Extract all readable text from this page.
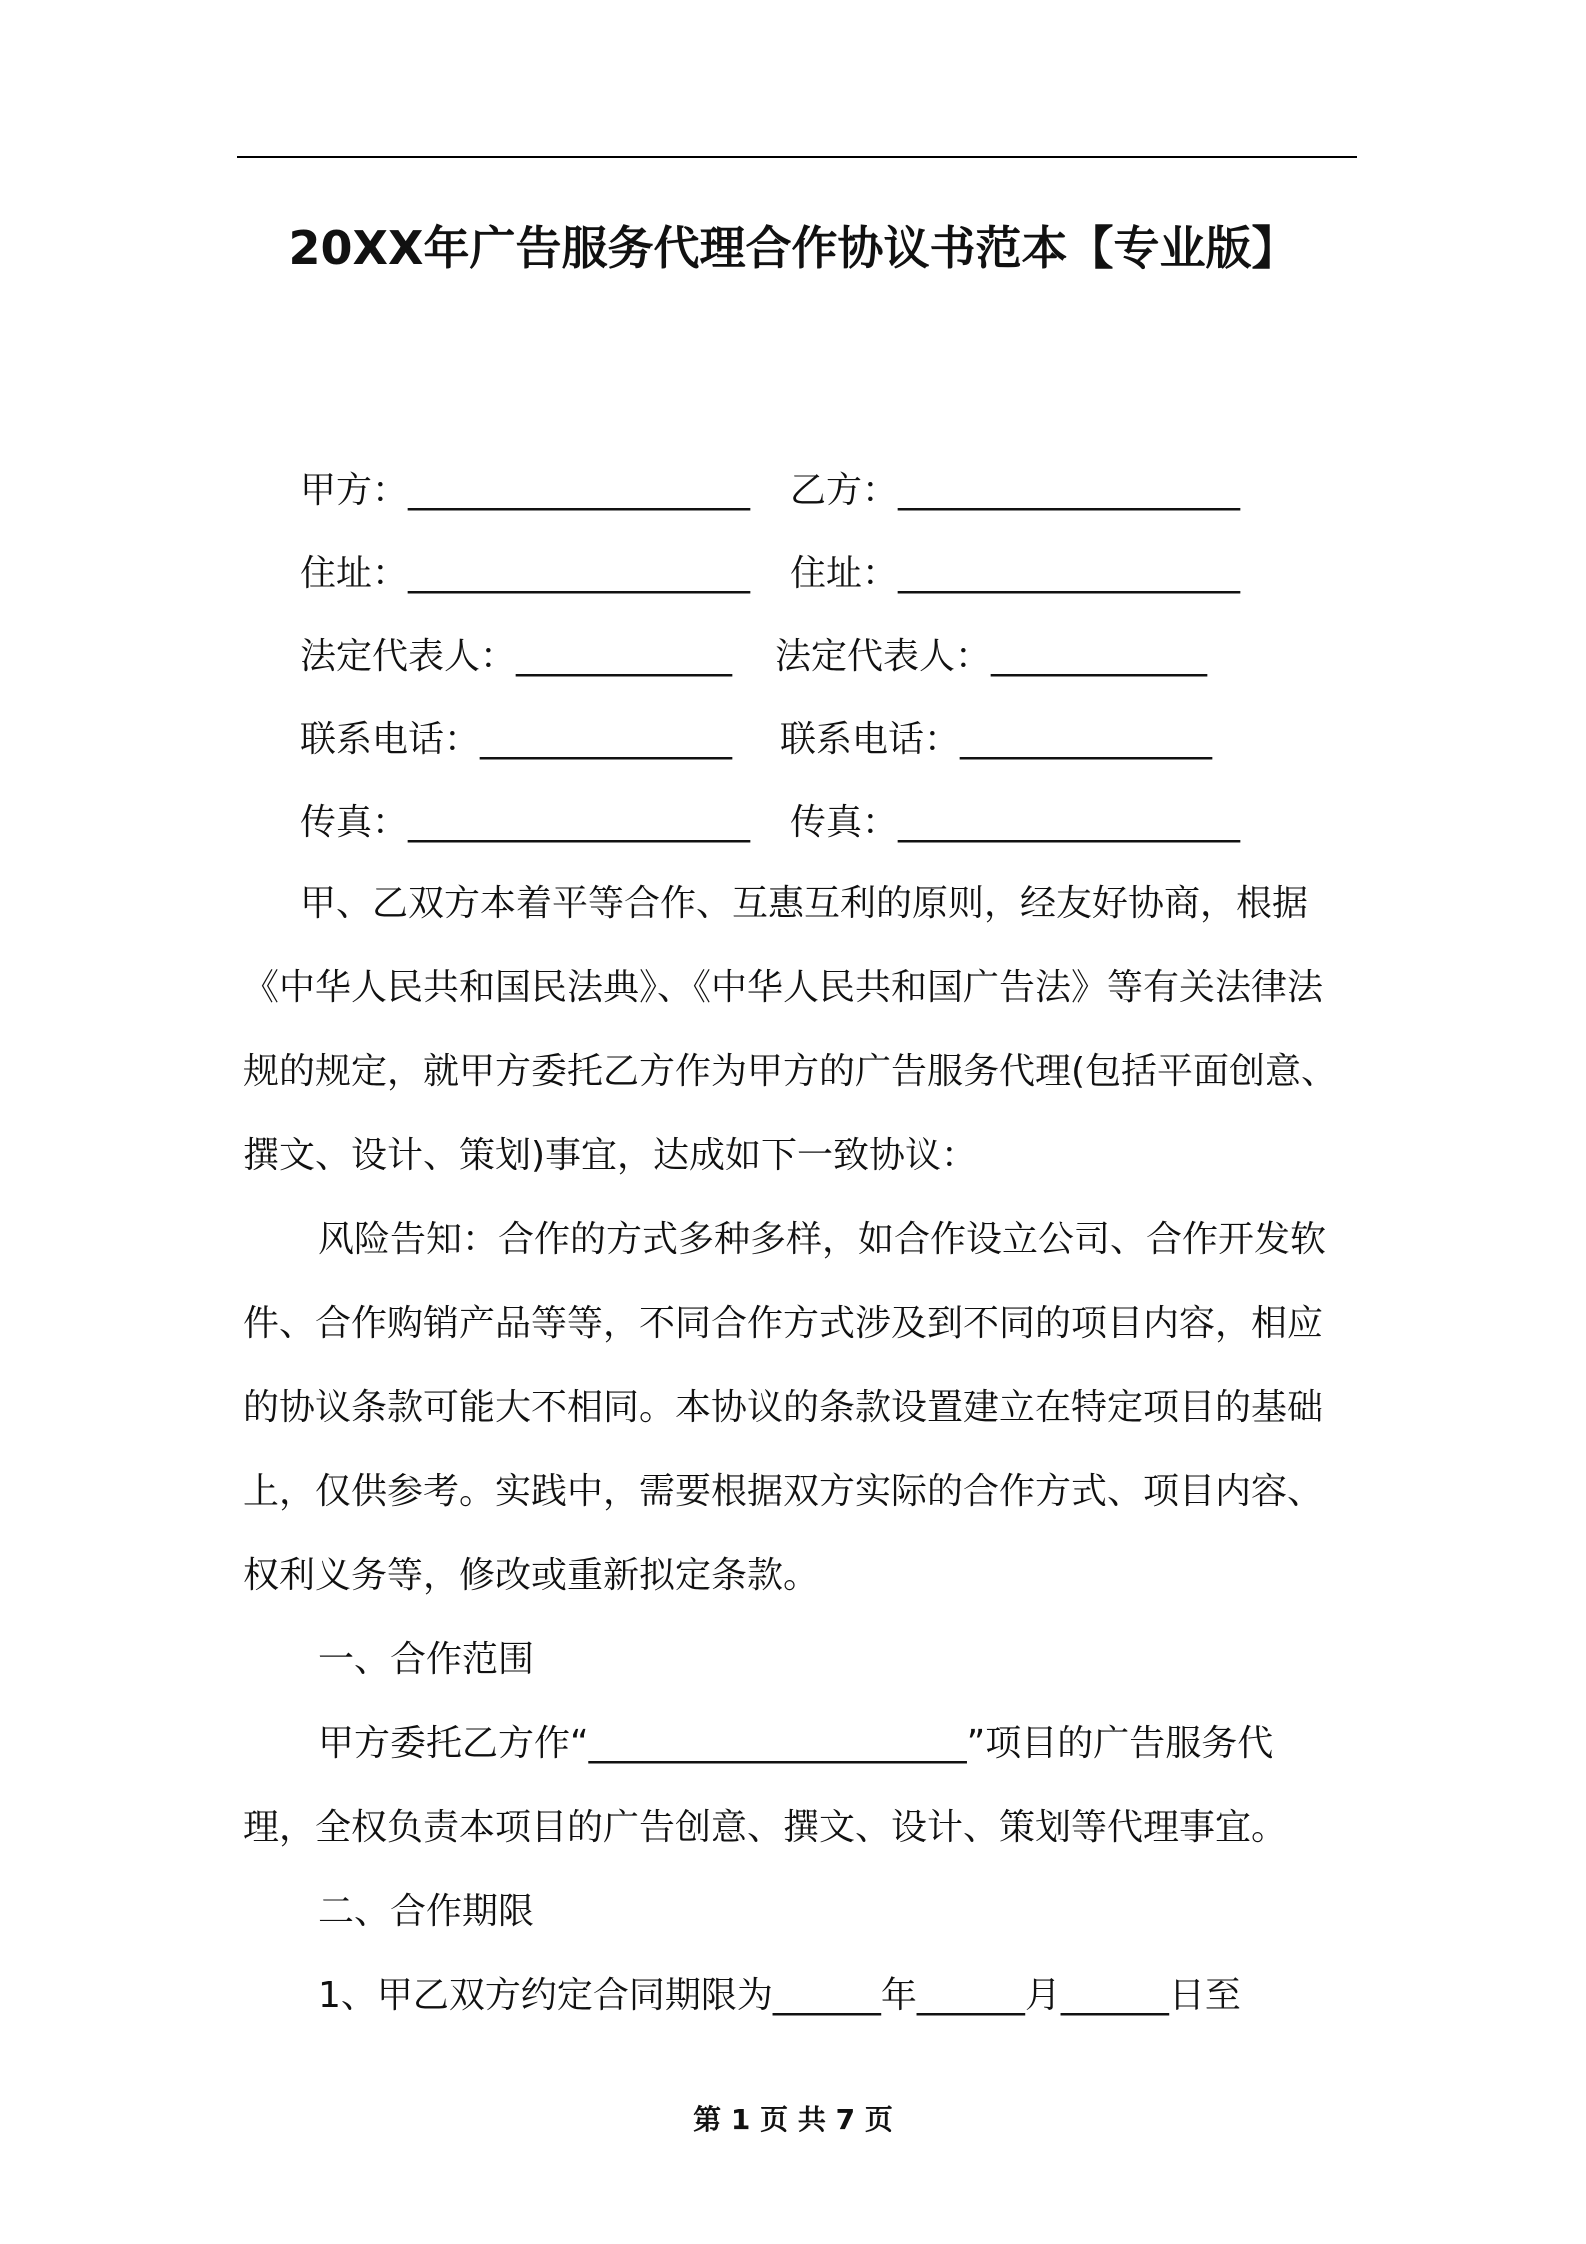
20XX年广告服务代理合作协议书范本【专业版】
甲方：___________________ 乙方：___________________
住址：___________________ 住址：___________________
法定代表人：____________ 法定代表人：____________
联系电话：______________ 联系电话：______________
传真：___________________ 传真：___________________
甲、乙双方本着平等合作、互惠互利的原则，经友好协商，根据
《中华人民共和国民法典》、《中华人民共和国广告法》等有关法律法
规的规定，就甲方委托乙方作为甲方的广告服务代理(包括平面创意、
撰文、设计、策划)事宜，达成如下一致协议：
风险告知：合作的方式多种多样，如合作设立公司、合作开发软
件、合作购销产品等等，不同合作方式涉及到不同的项目内容，相应
的协议条款可能大不相同。本协议的条款设置建立在特定项目的基础
上，仅供参考。实践中，需要根据双方实际的合作方式、项目内容、
权利义务等，修改或重新拟定条款。
一、合作范围
甲方委托乙方作“_____________________”项目的广告服务代
理，全权负责本项目的广告创意、撰文、设计、策划等代理事宜。
二、合作期限
1、甲乙双方约定合同期限为______年______月______日至
第 1 页 共 7 页
